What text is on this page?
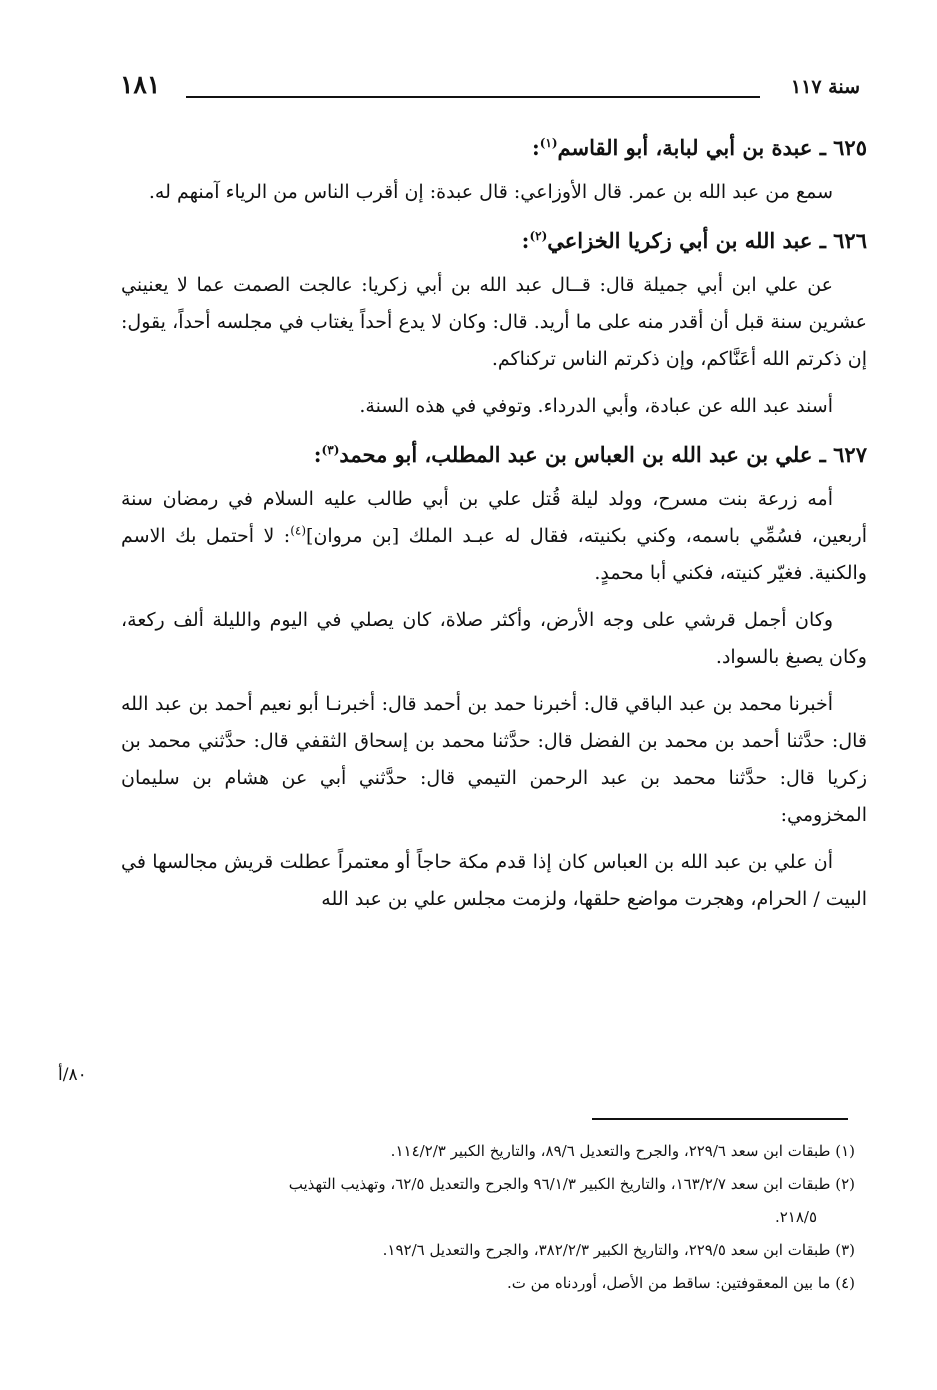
سنة ١١٧
١٨١
٦٢٥ ـ عبدة بن أبي لبابة، أبو القاسم$^{(١)}$:

سمع من عبد الله بن عمر. قال الأوزاعي: قال عبدة: إن أقرب الناس من الرياء آمنهم له.

٦٢٦ ـ عبد الله بن أبي زكريا الخزاعي$^{(٢)}$:

عن علي ابن أبي جميلة قال: قــال عبد الله بن أبي زكريا: عالجت الصمت عما لا يعنيني عشرين سنة قبل أن أقدر منه على ما أريد. قال: وكان لا يدع أحداً يغتاب في مجلسه أحداً، يقول: إن ذكرتم الله أعَنَّاكم، وإن ذكرتم الناس تركناكم.

أسند عبد الله عن عبادة، وأبي الدرداء. وتوفي في هذه السنة.

٦٢٧ ـ علي بن عبد الله بن العباس بن عبد المطلب، أبو محمد$^{(٣)}$:

أمه زرعة بنت مسرح، وولد ليلة قُتل علي بن أبي طالب عليه السلام في رمضان سنة أربعين، فسُمِّي باسمه، وكني بكنيته، فقال له عبـد الملك [بن مروان]$^{(٤)}$: لا أحتمل بك الاسم والكنية. فغيّر كنيته، فكني أبا محمدٍ.

وكان أجمل قرشي على وجه الأرض، وأكثر صلاة، كان يصلي في اليوم والليلة ألف ركعة، وكان يصبغ بالسواد.

أخبرنا محمد بن عبد الباقي قال: أخبرنا حمد بن أحمد قال: أخبرنـا أبو نعيم أحمد بن عبد الله قال: حدَّثنا أحمد بن محمد بن الفضل قال: حدَّثنا محمد بن إسحاق الثقفي قال: حدَّثني محمد بن زكريا قال: حدَّثنا محمد بن عبد الرحمن التيمي قال: حدَّثني أبي عن هشام بن سليمان المخزومي:

أن علي بن عبد الله بن العباس كان إذا قدم مكة حاجاً أو معتمراً عطلت قريش مجالسها في البيت / الحرام، وهجرت مواضع حلقها، ولزمت مجلس علي بن عبد الله

٨٠/أ

(١) طبقات ابن سعد ٢٢٩/٦، والجرح والتعديل ٨٩/٦، والتاريخ الكبير ١١٤/٢/٣.

(٢) طبقات ابن سعد ١٦٣/٢/٧، والتاريخ الكبير ٩٦/١/٣ والجرح والتعديل ٦٢/٥، وتهذيب التهذيب

٢١٨/٥.

(٣) طبقات ابن سعد ٢٢٩/٥، والتاريخ الكبير ٣٨٢/٢/٣، والجرح والتعديل ١٩٢/٦.

(٤) ما بين المعقوفتين: ساقط من الأصل، أوردناه من ت.
